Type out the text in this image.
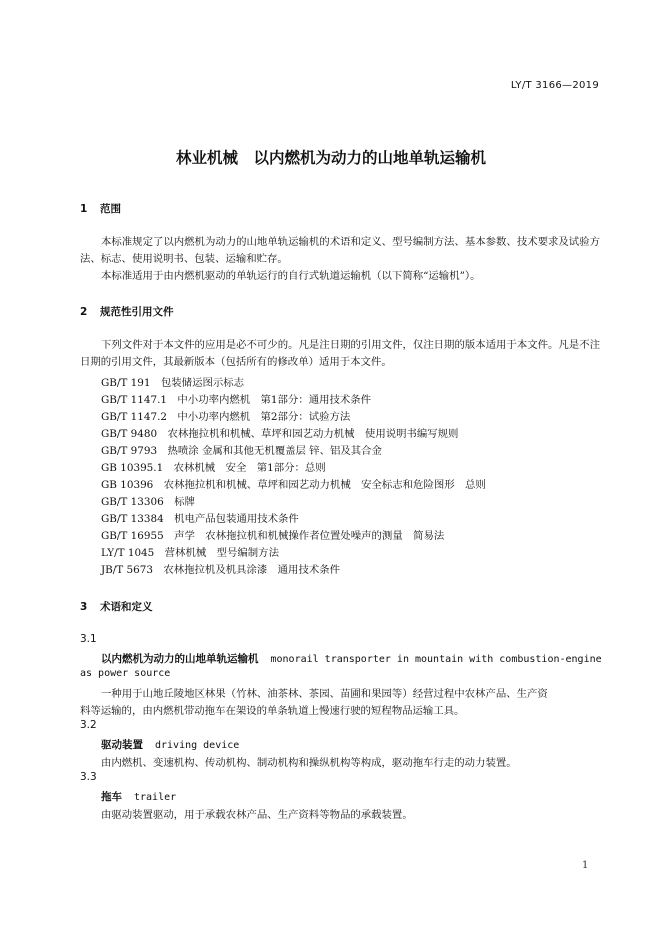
LY/T 3166—2019
林业机械　以内燃机为动力的山地单轨运输机
1 范围
本标准规定了以内燃机为动力的山地单轨运输机的术语和定义、型号编制方法、基本参数、技术要求及试验方法、标志、使用说明书、包装、运输和贮存。
本标准适用于由内燃机驱动的单轨运行的自行式轨道运输机（以下简称“运输机”）。
2 规范性引用文件
下列文件对于本文件的应用是必不可少的。凡是注日期的引用文件，仅注日期的版本适用于本文件。凡是不注日期的引用文件，其最新版本（包括所有的修改单）适用于本文件。
GB/T 191　包装储运图示标志
GB/T 1147.1　中小功率内燃机　第1部分：通用技术条件
GB/T 1147.2　中小功率内燃机　第2部分：试验方法
GB/T 9480　农林拖拉机和机械、草坪和园艺动力机械　使用说明书编写规则
GB/T 9793　热喷涂 金属和其他无机覆盖层 锌、铝及其合金
GB 10395.1　农林机械　安全　第1部分：总则
GB 10396　农林拖拉机和机械、草坪和园艺动力机械　安全标志和危险图形　总则
GB/T 13306　标牌
GB/T 13384　机电产品包装通用技术条件
GB/T 16955　声学　农林拖拉机和机械操作者位置处噪声的测量　简易法
LY/T 1045　营林机械　型号编制方法
JB/T 5673　农林拖拉机及机具涂漆　通用技术条件
3 术语和定义
3.1
以内燃机为动力的山地单轨运输机 monorail transporter in mountain with combustion-engine
as power source
一种用于山地丘陵地区林果（竹林、油茶林、茶园、苗圃和果园等）经营过程中农林产品、生产资
料等运输的，由内燃机带动拖车在架设的单条轨道上慢速行驶的短程物品运输工具。
3.2
驱动装置 driving device
由内燃机、变速机构、传动机构、制动机构和操纵机构等构成，驱动拖车行走的动力装置。
3.3
拖车 trailer
由驱动装置驱动，用于承载农林产品、生产资料等物品的承载装置。
1
